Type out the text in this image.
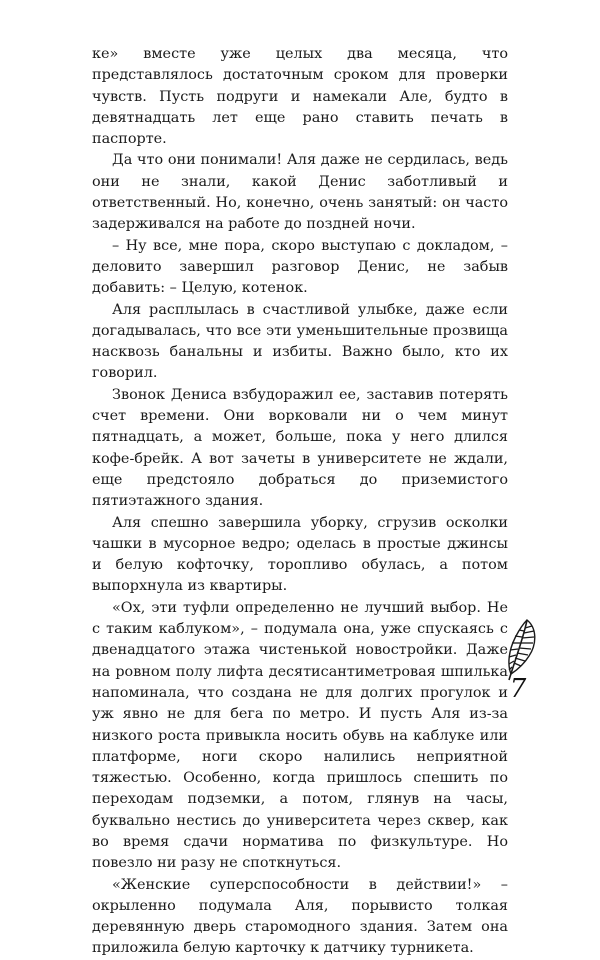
ке» вместе уже целых два месяца, что представлялось достаточным сроком для проверки чувств. Пусть подруги и намекали Але, будто в девятнадцать лет еще рано ставить печать в паспорте.

Да что они понимали! Аля даже не сердилась, ведь они не знали, какой Денис заботливый и ответственный. Но, конечно, очень занятый: он часто задерживался на работе до поздней ночи.

– Ну все, мне пора, скоро выступаю с докладом, – деловито завершил разговор Денис, не забыв добавить: – Целую, котенок.

Аля расплылась в счастливой улыбке, даже если догадывалась, что все эти уменьшительные прозвища насквозь банальны и избиты. Важно было, кто их говорил.

Звонок Дениса взбудоражил ее, заставив потерять счет времени. Они ворковали ни о чем минут пятнадцать, а может, больше, пока у него длился кофе-брейк. А вот зачеты в университете не ждали, еще предстояло добраться до приземистого пятиэтажного здания.

Аля спешно завершила уборку, сгрузив осколки чашки в мусорное ведро; оделась в простые джинсы и белую кофточку, торопливо обулась, а потом выпорхнула из квартиры.

«Ох, эти туфли определенно не лучший выбор. Не с таким каблуком», – подумала она, уже спускаясь с двенадцатого этажа чистенькой новостройки. Даже на ровном полу лифта десятисантиметровая шпилька напоминала, что создана не для долгих прогулок и уж явно не для бега по метро. И пусть Аля из-за низкого роста привыкла носить обувь на каблуке или платформе, ноги скоро налились неприятной тяжестью. Особенно, когда пришлось спешить по переходам подземки, а потом, глянув на часы, буквально нестись до университета через сквер, как во время сдачи норматива по физкультуре. Но повезло ни разу не споткнуться.

«Женские суперспособности в действии!» – окрыленно подумала Аля, порывисто толкая деревянную дверь старомодного здания. Затем она приложила белую карточку к датчику турникета.

7
